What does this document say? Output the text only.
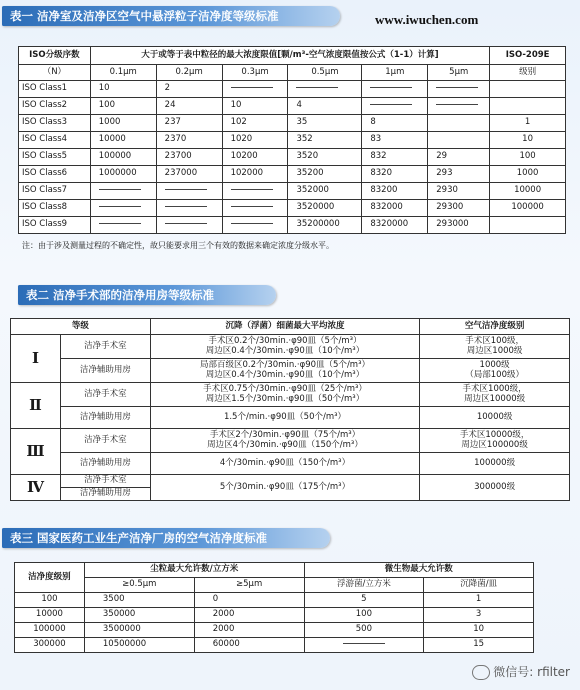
表一 洁净室及洁净区空气中悬浮粒子洁净度等级标准	www.iwuchen.com
ISO分级序数	大于或等于表中粒径的最大浓度限值[颗/m³-空气浓度限值按公式（1-1）计算]						ISO-209E
（N）	0.1μm	0.2μm	0.3μm	0.5μm	1μm	5μm	级别
ISO Class1	10	2					
ISO Class2	100	24	10	4			
ISO Class3	1000	237	102	35	8		1
ISO Class4	10000	2370	1020	352	83		10
ISO Class5	100000	23700	10200	3520	832	29	100
ISO Class6	1000000	237000	102000	35200	8320	293	1000
ISO Class7				352000	83200	2930	10000
ISO Class8				3520000	832000	29300	100000
ISO Class9				35200000	8320000	293000	
注：由于涉及测量过程的不确定性，故只能要求用三个有效的数据来确定浓度分级水平。
表二 洁净手术部的洁净用房等级标准
等级		沉降（浮菌）细菌最大平均浓度	空气洁净度级别
Ⅰ	洁净手术室	手术区0.2个/30min.·φ90皿（5个/m³）
周边区0.4个/30min.·φ90皿（10个/m³）	手术区100级，
周边区1000级

	洁净辅助用房	局部百级区0.2个/30min.·φ90皿（5个/m³）
周边区0.4个/30min.·φ90皿（10个/m³）	1000级
（局部100级）

Ⅱ	洁净手术室	手术区0.75个/30min.·φ90皿（25个/m³）
周边区1.5个/30min.·φ90皿（50个/m³）	手术区1000级，
周边区10000级

	洁净辅助用房	1.5个/min.·φ90皿（50个/m³）	10000级
Ⅲ	洁净手术室	手术区2个/30min.·φ90皿（75个/m³）
周边区4个/30min.·φ90皿（150个/m³）	手术区10000级，
周边区100000级

	洁净辅助用房	4个/30min.·φ90皿（150个/m³）	100000级
Ⅳ	洁净手术室	5个/30min.·φ90皿（175个/m³）	300000级
	洁净辅助用房		
表三 国家医药工业生产洁净厂房的空气洁净度标准
洁净度级别	尘粒最大允许数/立方米		微生物最大允许数	
	≥0.5μm	≥5μm	浮游菌/立方米	沉降菌/皿
100	3500	0	5	1
10000	350000	2000	100	3
100000	3500000	2000	500	10
300000	10500000	60000		15
微信号: rfilter
